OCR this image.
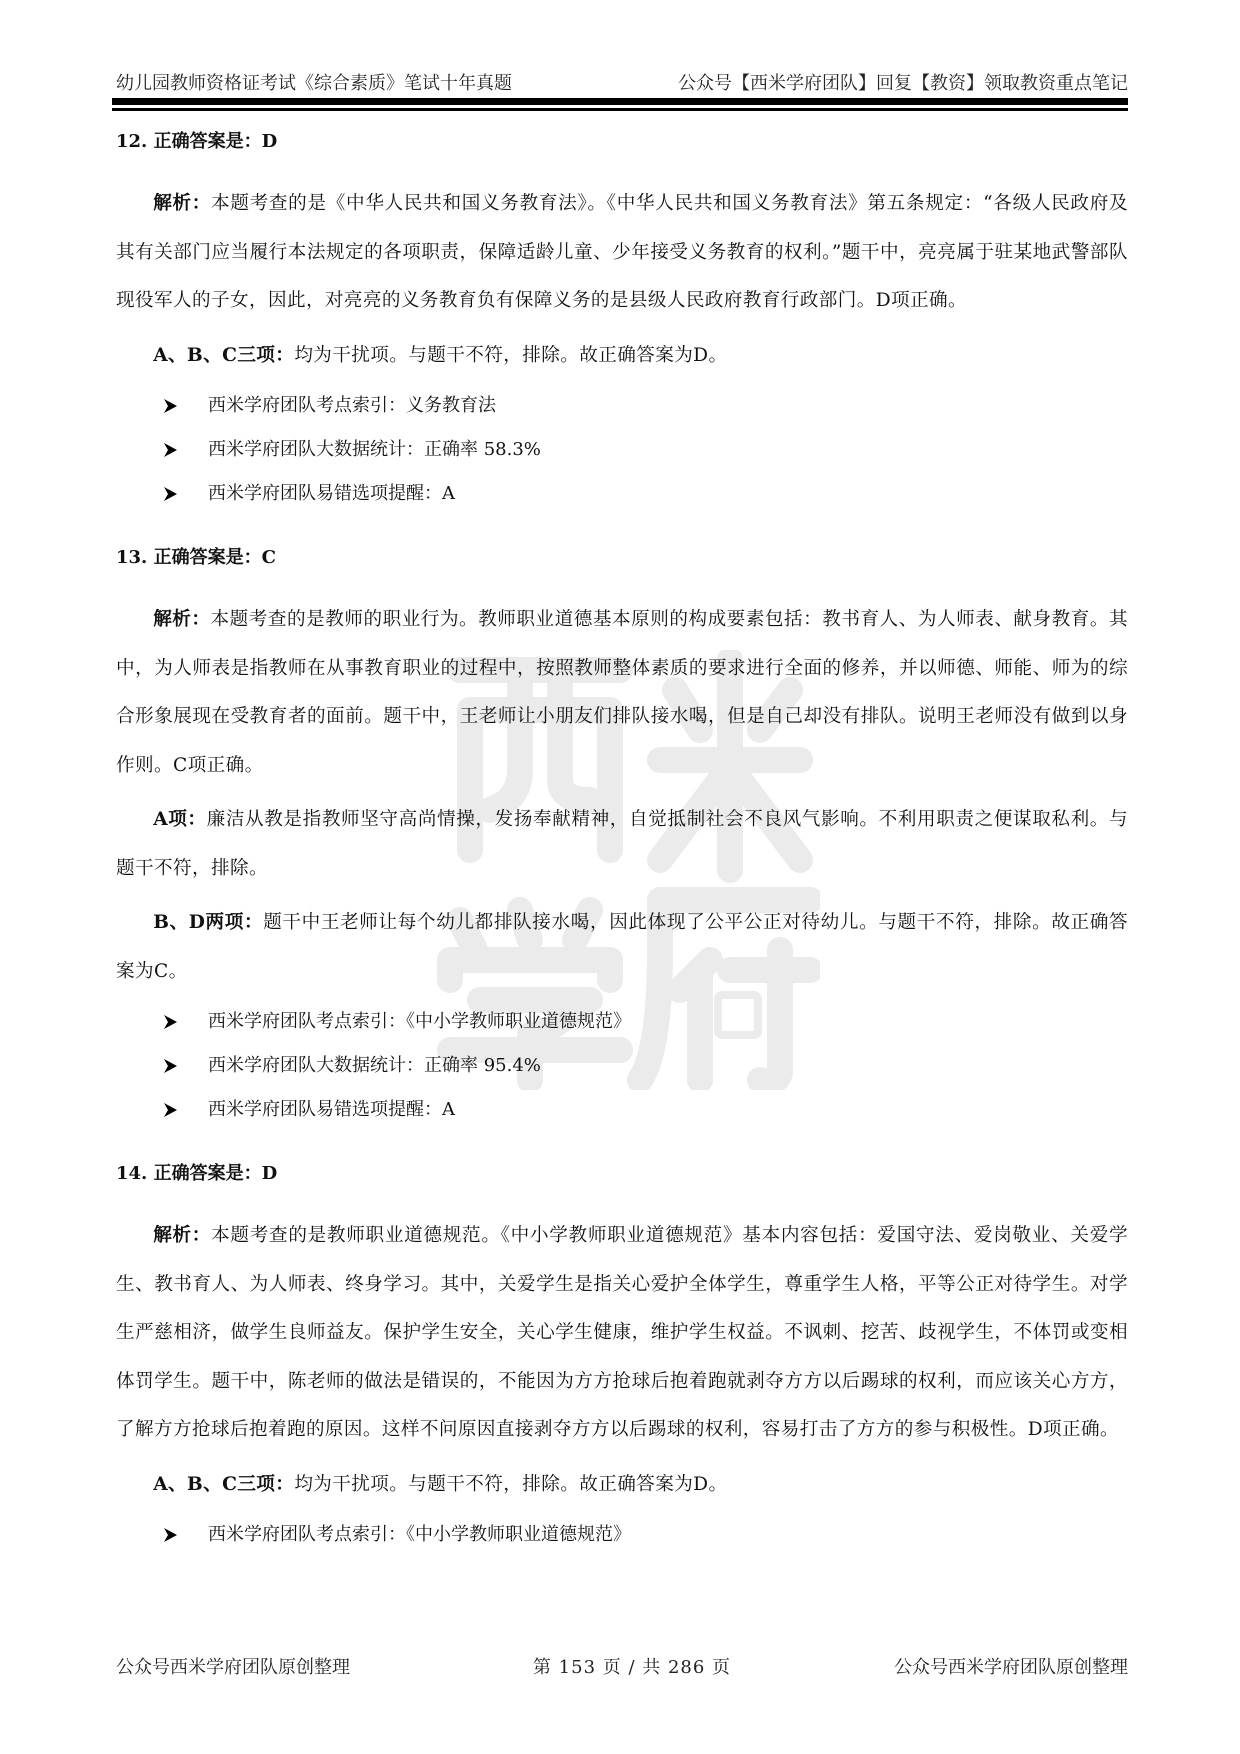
幼儿园教师资格证考试《综合素质》笔试十年真题	公众号【西米学府团队】回复【教资】领取教资重点笔记
12. 正确答案是：D

解析：本题考查的是《中华人民共和国义务教育法》。《中华人民共和国义务教育法》第五条规定：“各级人民政府及其有关部门应当履行本法规定的各项职责，保障适龄儿童、少年接受义务教育的权利。”题干中，亮亮属于驻某地武警部队现役军人的子女，因此，对亮亮的义务教育负有保障义务的是县级人民政府教育行政部门。D项正确。

A、B、C三项：均为干扰项。与题干不符，排除。故正确答案为D。

西米学府团队考点索引：义务教育法
西米学府团队大数据统计：正确率 58.3%
西米学府团队易错选项提醒：A
13. 正确答案是：C

解析：本题考查的是教师的职业行为。教师职业道德基本原则的构成要素包括：教书育人、为人师表、献身教育。其中，为人师表是指教师在从事教育职业的过程中，按照教师整体素质的要求进行全面的修养，并以师德、师能、师为的综合形象展现在受教育者的面前。题干中，王老师让小朋友们排队接水喝，但是自己却没有排队。说明王老师没有做到以身作则。C项正确。

A项：廉洁从教是指教师坚守高尚情操，发扬奉献精神，自觉抵制社会不良风气影响。不利用职责之便谋取私利。与题干不符，排除。

B、D两项：题干中王老师让每个幼儿都排队接水喝，因此体现了公平公正对待幼儿。与题干不符，排除。故正确答案为C。

西米学府团队考点索引：《中小学教师职业道德规范》
西米学府团队大数据统计：正确率 95.4%
西米学府团队易错选项提醒：A
14. 正确答案是：D

解析：本题考查的是教师职业道德规范。《中小学教师职业道德规范》基本内容包括：爱国守法、爱岗敬业、关爱学生、教书育人、为人师表、终身学习。其中，关爱学生是指关心爱护全体学生，尊重学生人格，平等公正对待学生。对学生严慈相济，做学生良师益友。保护学生安全，关心学生健康，维护学生权益。不讽刺、挖苦、歧视学生，不体罚或变相体罚学生。题干中，陈老师的做法是错误的，不能因为方方抢球后抱着跑就剥夺方方以后踢球的权利，而应该关心方方，了解方方抢球后抱着跑的原因。这样不问原因直接剥夺方方以后踢球的权利，容易打击了方方的参与积极性。D项正确。

A、B、C三项：均为干扰项。与题干不符，排除。故正确答案为D。

西米学府团队考点索引：《中小学教师职业道德规范》
公众号西米学府团队原创整理	第 153 页 / 共 286 页	公众号西米学府团队原创整理
